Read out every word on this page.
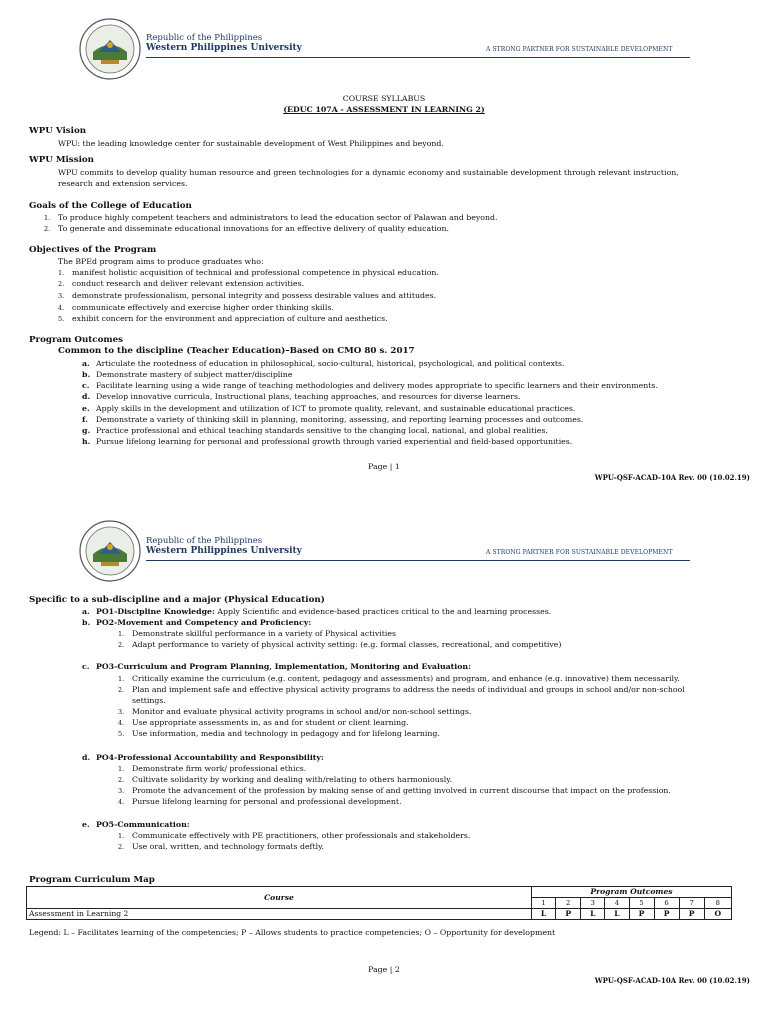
Republic of the Philippines
Western Philippines University	A STRONG PARTNER FOR SUSTAINABLE DEVELOPMENT
COURSE SYLLABUS
(EDUC 107A - ASSESSMENT IN LEARNING 2)
WPU Vision
WPU: the leading knowledge center for sustainable development of West Philippines and beyond.
WPU Mission
WPU commits to develop quality human resource and green technologies for a dynamic economy and sustainable development through relevant instruction,
research and extension services.
Goals of the College of Education
1. To produce highly competent teachers and administrators to lead the education sector of Palawan and beyond.
2. To generate and disseminate educational innovations for an effective delivery of quality education.
Objectives of the Program
The BPEd program aims to produce graduates who:
1. manifest holistic acquisition of technical and professional competence in physical education.
2. conduct research and deliver relevant extension activities.
3. demonstrate professionalism, personal integrity and possess desirable values and attitudes.
4. communicate effectively and exercise higher order thinking skills.
5. exhibit concern for the environment and appreciation of culture and aesthetics.
Program Outcomes
Common to the discipline (Teacher Education)–Based on CMO 80 s. 2017
a. Articulate the rootedness of education in philosophical, socio-cultural, historical, psychological, and political contexts.
b. Demonstrate mastery of subject matter/discipline
c. Facilitate learning using a wide range of teaching methodologies and delivery modes appropriate to specific learners and their environments.
d. Develop innovative curricula, Instructional plans, teaching approaches, and resources for diverse learners.
e. Apply skills in the development and utilization of ICT to promote quality, relevant, and sustainable educational practices.
f. Demonstrate a variety of thinking skill in planning, monitoring, assessing, and reporting learning processes and outcomes.
g. Practice professional and ethical teaching standards sensitive to the changing local, national, and global realities.
h. Pursue lifelong learning for personal and professional growth through varied experiential and field-based opportunities.
Page | 1
WPU-QSF-ACAD-10A Rev. 00 (10.02.19)
Republic of the Philippines
Western Philippines University	A STRONG PARTNER FOR SUSTAINABLE DEVELOPMENT
Specific to a sub-discipline and a major (Physical Education)
a. PO1-Discipline Knowledge: Apply Scientific and evidence-based practices critical to the and learning processes.
b. PO2-Movement and Competency and Proficiency:
1. Demonstrate skillful performance in a variety of Physical activities
2. Adapt performance to variety of physical activity setting: (e.g. formal classes, recreational, and competitive)
c. PO3-Curriculum and Program Planning, Implementation, Monitoring and Evaluation:
1. Critically examine the curriculum (e.g. content, pedagogy and assessments) and program, and enhance (e.g. innovative) them necessarily.
2. Plan and implement safe and effective physical activity programs to address the needs of individual and groups in school and/or non-school
settings.
3. Monitor and evaluate physical activity programs in school and/or non-school settings.
4. Use appropriate assessments in, as and for student or client learning.
5. Use information, media and technology in pedagogy and for lifelong learning.
d. PO4-Professional Accountability and Responsibility:
1. Demonstrate firm work/ professional ethics.
2. Cultivate solidarity by working and dealing with/relating to others harmoniously.
3. Promote the advancement of the profession by making sense of and getting involved in current discourse that impact on the profession.
4. Pursue lifelong learning for personal and professional development.
e. PO5-Communication:
1. Communicate effectively with PE practitioners, other professionals and stakeholders.
2. Use oral, written, and technology formats deftly.
Program Curriculum Map
Course	Program Outcomes							
	1	2	3	4	5	6	7	8
Assessment in Learning 2	L	P	L	L	P	P	P	O
Legend: L – Facilitates learning of the competencies; P – Allows students to practice competencies; O – Opportunity for development
Page | 2
WPU-QSF-ACAD-10A Rev. 00 (10.02.19)
